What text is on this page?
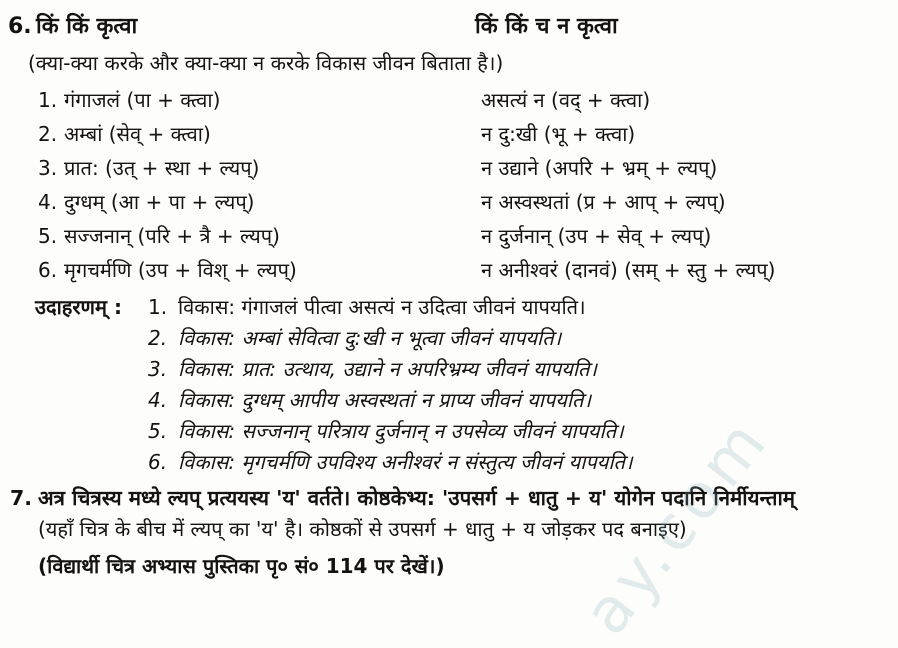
6. किं किं कृत्वा	किं किं च न कृत्वा
(क्या-क्या करके और क्या-क्या न करके विकास जीवन बिताता है।)
1. गंगाजलं (पा + क्त्वा)	असत्यं न (वद् + क्त्वा)
2. अम्बां (सेव् + क्त्वा)	न दु:खी (भू + क्त्वा)
3. प्रात: (उत् + स्था + ल्यप्)	न उद्याने (अपरि + भ्रम् + ल्यप्)
4. दुग्धम् (आ + पा + ल्यप्)	न अस्वस्थतां (प्र + आप् + ल्यप्)
5. सज्जनान् (परि + त्रै + ल्यप्)	न दुर्जनान् (उप + सेव् + ल्यप्)
6. मृगचर्मणि (उप + विश् + ल्यप्)	न अनीश्वरं (दानवं) (सम् + स्तु + ल्यप्)
उदाहरणम् : 1. विकास: गंगाजलं पीत्वा असत्यं न उदित्वा जीवनं यापयति।
2. विकास: अम्बां सेवित्वा दु:खी न भूत्वा जीवनं यापयति।
3. विकास: प्रात: उत्थाय, उद्याने न अपरिभ्रम्य जीवनं यापयति।
4. विकास: दुग्धम् आपीय अस्वस्थतां न प्राप्य जीवनं यापयति।
5. विकास: सज्जनान् परित्राय दुर्जनान् न उपसेव्य जीवनं यापयति।
6. विकास: मृगचर्मणि उपविश्य अनीश्वरं न संस्तुत्य जीवनं यापयति।
7. अत्र चित्रस्य मध्ये ल्यप् प्रत्ययस्य 'य' वर्तते। कोष्ठकेभ्य: 'उपसर्ग + धातु + य' योगेन पदानि निर्मीयन्ताम्
(यहाँ चित्र के बीच में ल्यप् का 'य' है। कोष्ठकों से उपसर्ग + धातु + य जोड़कर पद बनाइए)
(विद्यार्थी चित्र अभ्यास पुस्तिका पृ० सं० 114 पर देखें।)	ay.com
